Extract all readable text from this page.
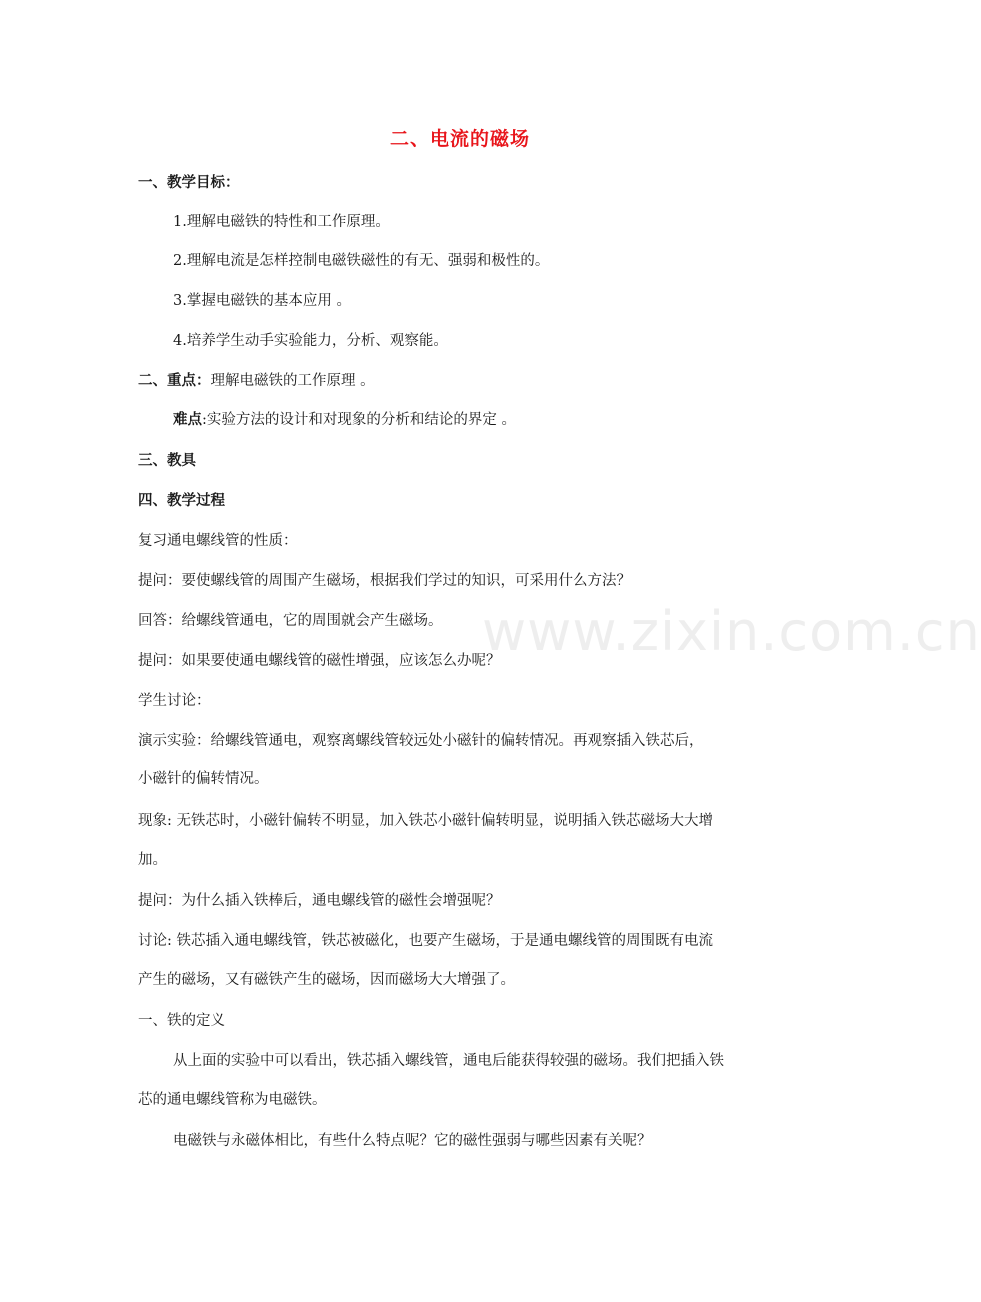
二、电流的磁场
一、教学目标：
1.理解电磁铁的特性和工作原理。
2.理解电流是怎样控制电磁铁磁性的有无、强弱和极性的。
3.掌握电磁铁的基本应用 。
4.培养学生动手实验能力，分析、观察能。
二、重点：理解电磁铁的工作原理 。
难点:实验方法的设计和对现象的分析和结论的界定 。
三、教具
四、教学过程
复习通电螺线管的性质：
提问：要使螺线管的周围产生磁场，根据我们学过的知识，可采用什么方法？
回答：给螺线管通电，它的周围就会产生磁场。
提问：如果要使通电螺线管的磁性增强，应该怎么办呢？
学生讨论：
演示实验：给螺线管通电，观察离螺线管较远处小磁针的偏转情况。再观察插入铁芯后，
小磁针的偏转情况。
现象: 无铁芯时，小磁针偏转不明显，加入铁芯小磁针偏转明显，说明插入铁芯磁场大大增
加。
提问：为什么插入铁棒后，通电螺线管的磁性会增强呢？
讨论: 铁芯插入通电螺线管，铁芯被磁化，也要产生磁场，于是通电螺线管的周围既有电流
产生的磁场，又有磁铁产生的磁场，因而磁场大大增强了。
一、铁的定义
从上面的实验中可以看出，铁芯插入螺线管，通电后能获得较强的磁场。我们把插入铁
芯的通电螺线管称为电磁铁。
电磁铁与永磁体相比，有些什么特点呢？它的磁性强弱与哪些因素有关呢？
www.zixin.com.cn
